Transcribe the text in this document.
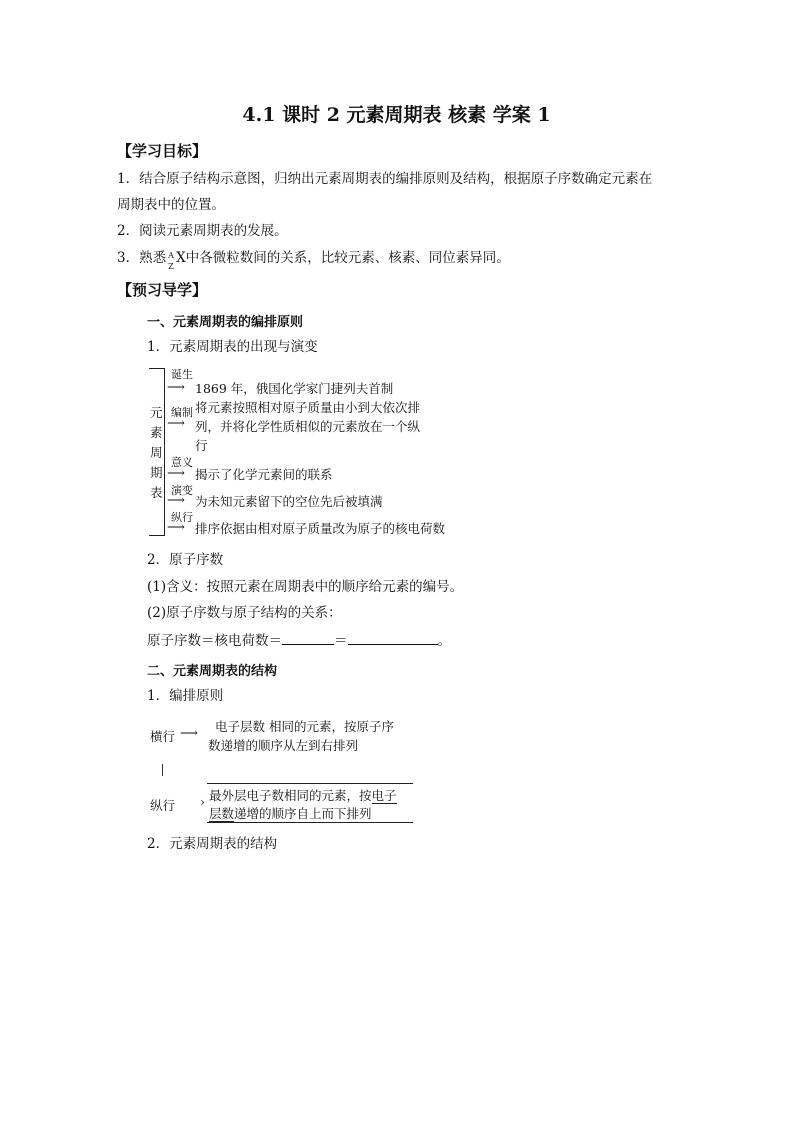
4.1 课时 2 元素周期表 核素 学案 1
【学习目标】
1．结合原子结构示意图，归纳出元素周期表的编排原则及结构，根据原子序数确定元素在
周期表中的位置。
2．阅读元素周期表的发展。
3．熟悉 A
Z
X中各微粒数间的关系，比较元素、核素、同位素异同。
【预习导学】
一、元素周期表的编排原则
1．元素周期表的出现与演变
元
素
周
期
表
诞生
⟶ 1869 年，俄国化学家门捷列夫首制
编制
⟶
将元素按照相对原子质量由小到大依次排
列，并将化学性质相似的元素放在一个纵
行
意义
⟶ 揭示了化学元素间的联系
演变
⟶ 为未知元素留下的空位先后被填满
纵行
⟶ 排序依据由相对原子质量改为原子的核电荷数
2．原子序数
(1)含义：按照元素在周期表中的顺序给元素的编号。
(2)原子序数与原子结构的关系：
原子序数＝核电荷数＝	＝	。
二、元素周期表的结构
1．编排原则
横行 ⟶ 电子层数 相同的元素，按原子序
数递增的顺序从左到右排列
纵行 › 最外层电子数相同的元素，按电子
层数递增的顺序自上而下排列
2．元素周期表的结构
